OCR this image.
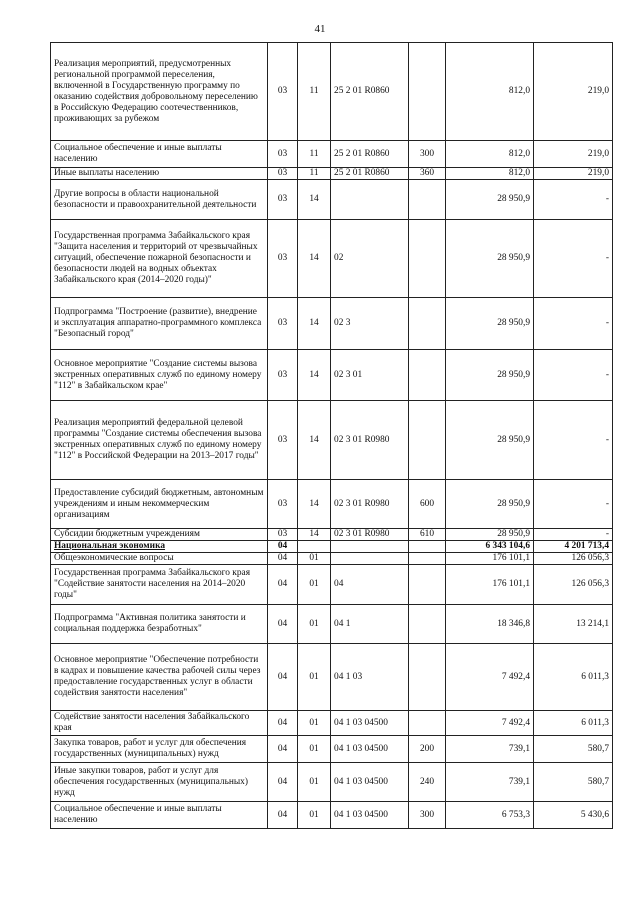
41
Реализация мероприятий, предусмотренных региональной программой переселения, включенной в Государственную программу по оказанию содействия добровольному переселению в Российскую Федерацию соотечественников, проживающих за рубежом	03	11	25 2 01 R0860		812,0	219,0
Социальное обеспечение и иные выплаты населению	03	11	25 2 01 R0860	300	812,0	219,0
Иные выплаты населению	03	11	25 2 01 R0860	360	812,0	219,0
Другие вопросы в области национальной безопасности и правоохранительной деятельности	03	14			28 950,9	-
Государственная программа Забайкальского края "Защита населения и территорий от чрезвычайных ситуаций, обеспечение пожарной безопасности и безопасности людей на водных объектах Забайкальского края (2014–2020 годы)"	03	14	02		28 950,9	-
Подпрограмма "Построение (развитие), внедрение и эксплуатация аппаратно-программного комплекса "Безопасный город"	03	14	02 3		28 950,9	-
Основное мероприятие "Создание системы вызова экстренных оперативных служб по единому номеру "112" в Забайкальском крае"	03	14	02 3 01		28 950,9	-
Реализация мероприятий федеральной целевой программы "Создание системы обеспечения вызова экстренных оперативных служб по единому номеру "112" в Российской Федерации на 2013–2017 годы"	03	14	02 3 01 R0980		28 950,9	-
Предоставление субсидий бюджетным, автономным учреждениям и иным некоммерческим организациям	03	14	02 3 01 R0980	600	28 950,9	-
Субсидии бюджетным учреждениям	03	14	02 3 01 R0980	610	28 950,9	-
Национальная экономика	04				6 343 104,6	4 201 713,4
Общеэкономические вопросы	04	01			176 101,1	126 056,3
Государственная программа Забайкальского края "Содействие занятости населения на 2014–2020 годы"	04	01	04		176 101,1	126 056,3
Подпрограмма "Активная политика занятости и социальная поддержка безработных"	04	01	04 1		18 346,8	13 214,1
Основное мероприятие "Обеспечение потребности в кадрах и повышение качества рабочей силы через предоставление государственных услуг в области содействия занятости населения"	04	01	04 1 03		7 492,4	6 011,3
Содействие занятости населения Забайкальского края	04	01	04 1 03 04500		7 492,4	6 011,3
Закупка товаров, работ и услуг для обеспечения государственных (муниципальных) нужд	04	01	04 1 03 04500	200	739,1	580,7
Иные закупки товаров, работ и услуг для обеспечения государственных (муниципальных) нужд	04	01	04 1 03 04500	240	739,1	580,7
Социальное обеспечение и иные выплаты населению	04	01	04 1 03 04500	300	6 753,3	5 430,6
